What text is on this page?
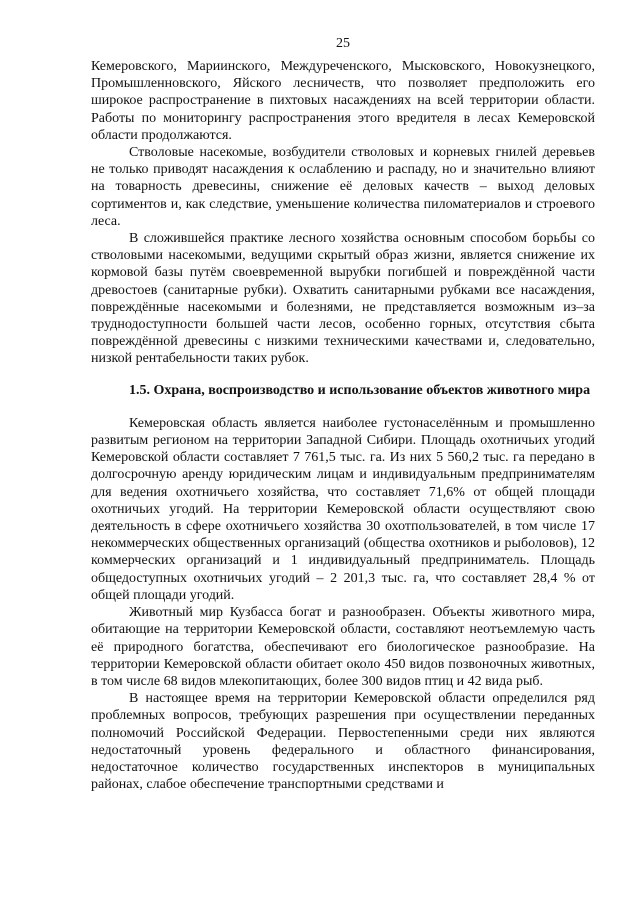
25

Кемеровского, Мариинского, Междуреченского, Мысковского, Новокузнецкого, Промышленновского, Яйского лесничеств, что позволяет предположить его широкое распространение в пихтовых насаждениях на всей территории области. Работы по мониторингу распространения этого вредителя в лесах Кемеровской области продолжаются.

Стволовые насекомые, возбудители стволовых и корневых гнилей деревьев не только приводят насаждения к ослаблению и распаду, но и значительно влияют на товарность древесины, снижение её деловых качеств – выход деловых сортиментов и, как следствие, уменьшение количества пиломатериалов и строевого леса.

В сложившейся практике лесного хозяйства основным способом борьбы со стволовыми насекомыми, ведущими скрытый образ жизни, является снижение их кормовой базы путём своевременной вырубки погибшей и повреждённой части древостоев (санитарные рубки). Охватить санитарными рубками все насаждения, повреждённые насекомыми и болезнями, не представляется возможным из–за труднодоступности большей части лесов, особенно горных, отсутствия сбыта повреждённой древесины с низкими техническими качествами и, следовательно, низкой рентабельности таких рубок.

1.5. Охрана, воспроизводство и использование объектов животного мира

Кемеровская область является наиболее густонаселённым и промышленно развитым регионом на территории Западной Сибири. Площадь охотничьих угодий Кемеровской области составляет 7 761,5 тыс. га. Из них 5 560,2 тыс. га передано в долгосрочную аренду юридическим лицам и индивидуальным предпринимателям для ведения охотничьего хозяйства, что составляет 71,6% от общей площади охотничьих угодий. На территории Кемеровской области осуществляют свою деятельность в сфере охотничьего хозяйства 30 охотпользователей, в том числе 17 некоммерческих общественных организаций (общества охотников и рыболовов), 12 коммерческих организаций и 1 индивидуальный предприниматель. Площадь общедоступных охотничьих угодий – 2 201,3 тыс. га, что составляет 28,4 % от общей площади угодий.

Животный мир Кузбасса богат и разнообразен. Объекты животного мира, обитающие на территории Кемеровской области, составляют неотъемлемую часть её природного богатства, обеспечивают его биологическое разнообразие. На территории Кемеровской области обитает около 450 видов позвоночных животных, в том числе 68 видов млекопитающих, более 300 видов птиц и 42 вида рыб.

В настоящее время на территории Кемеровской области определился ряд проблемных вопросов, требующих разрешения при осуществлении переданных полномочий Российской Федерации. Первостепенными среди них являются недостаточный уровень федерального и областного финансирования, недостаточное количество государственных инспекторов в муниципальных районах, слабое обеспечение транспортными средствами и
